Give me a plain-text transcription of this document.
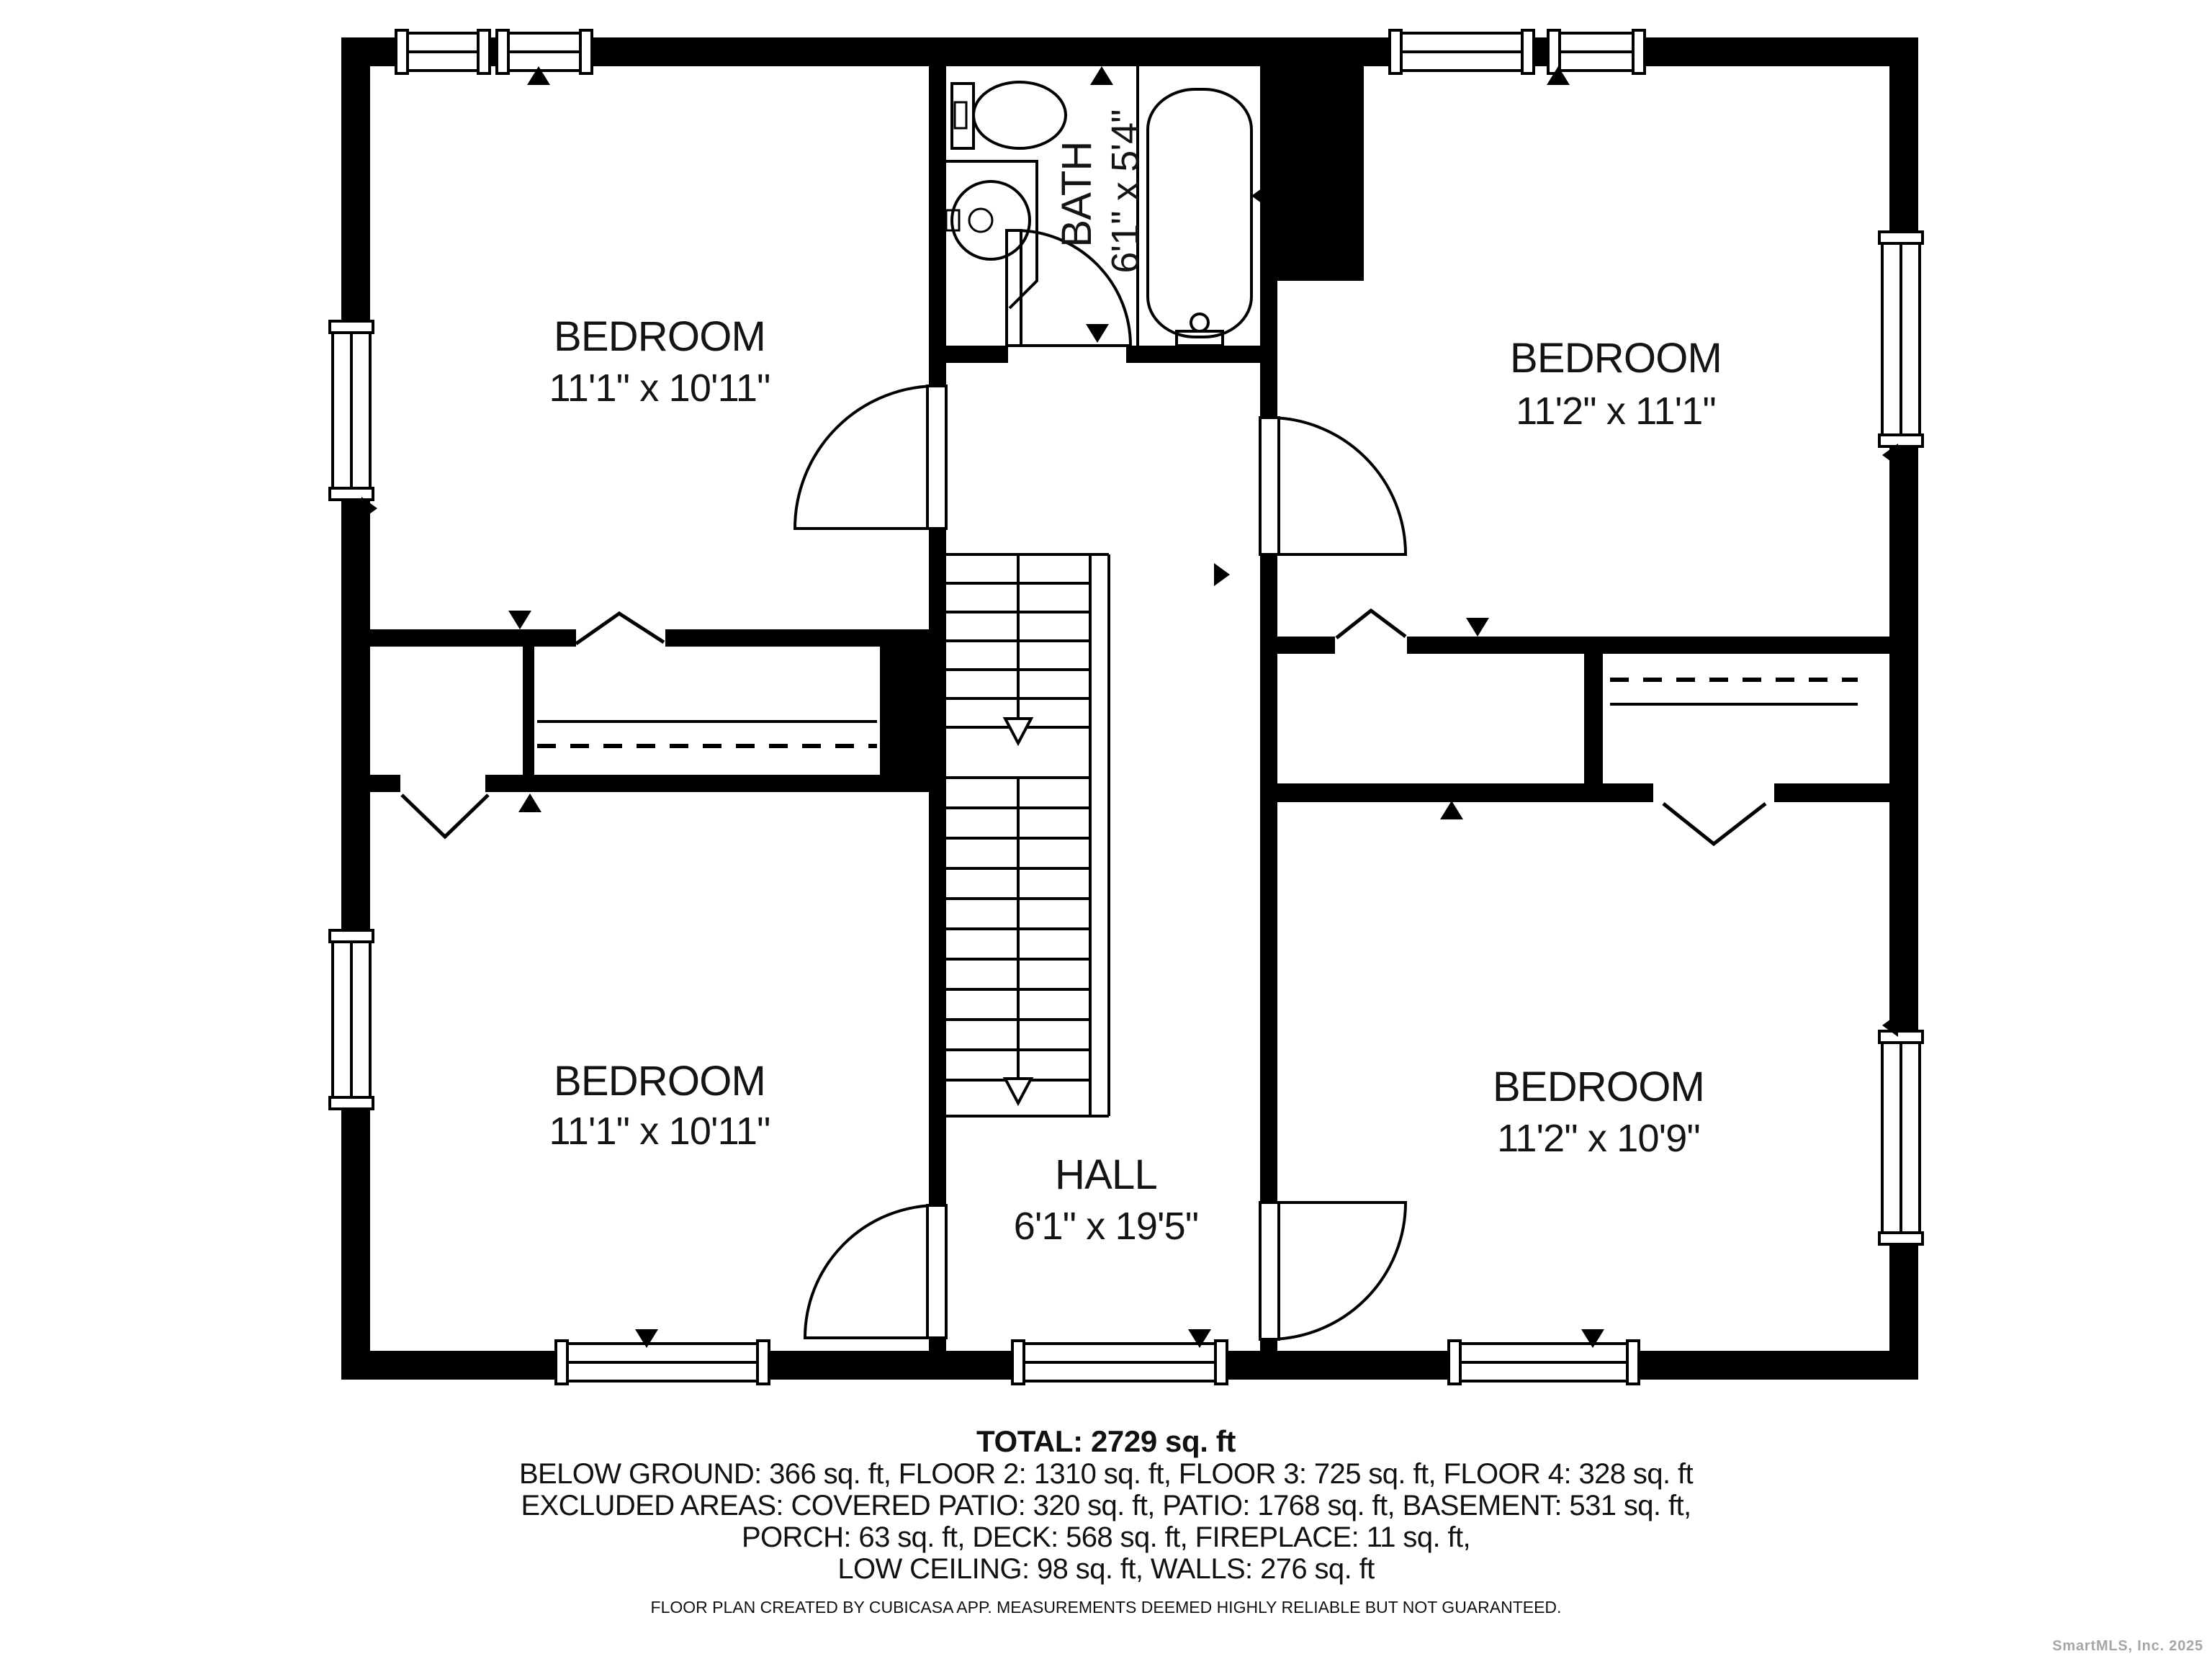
BEDROOM
11'1" x 10'11"
BATH 6'1" x 5'4"
BEDROOM
11'2" x 11'1"
BEDROOM
11'1" x 10'11"
HALL
6'1" x 19'5"
BEDROOM
11'2" x 10'9"
TOTAL: 2729 sq. ft
BELOW GROUND: 366 sq. ft, FLOOR 2: 1310 sq. ft, FLOOR 3: 725 sq. ft, FLOOR 4: 328 sq. ft
EXCLUDED AREAS: COVERED PATIO: 320 sq. ft, PATIO: 1768 sq. ft, BASEMENT: 531 sq. ft,
PORCH: 63 sq. ft, DECK: 568 sq. ft, FIREPLACE: 11 sq. ft,
LOW CEILING: 98 sq. ft, WALLS: 276 sq. ft
FLOOR PLAN CREATED BY CUBICASA APP. MEASUREMENTS DEEMED HIGHLY RELIABLE BUT NOT GUARANTEED.
SmartMLS, Inc. 2025
